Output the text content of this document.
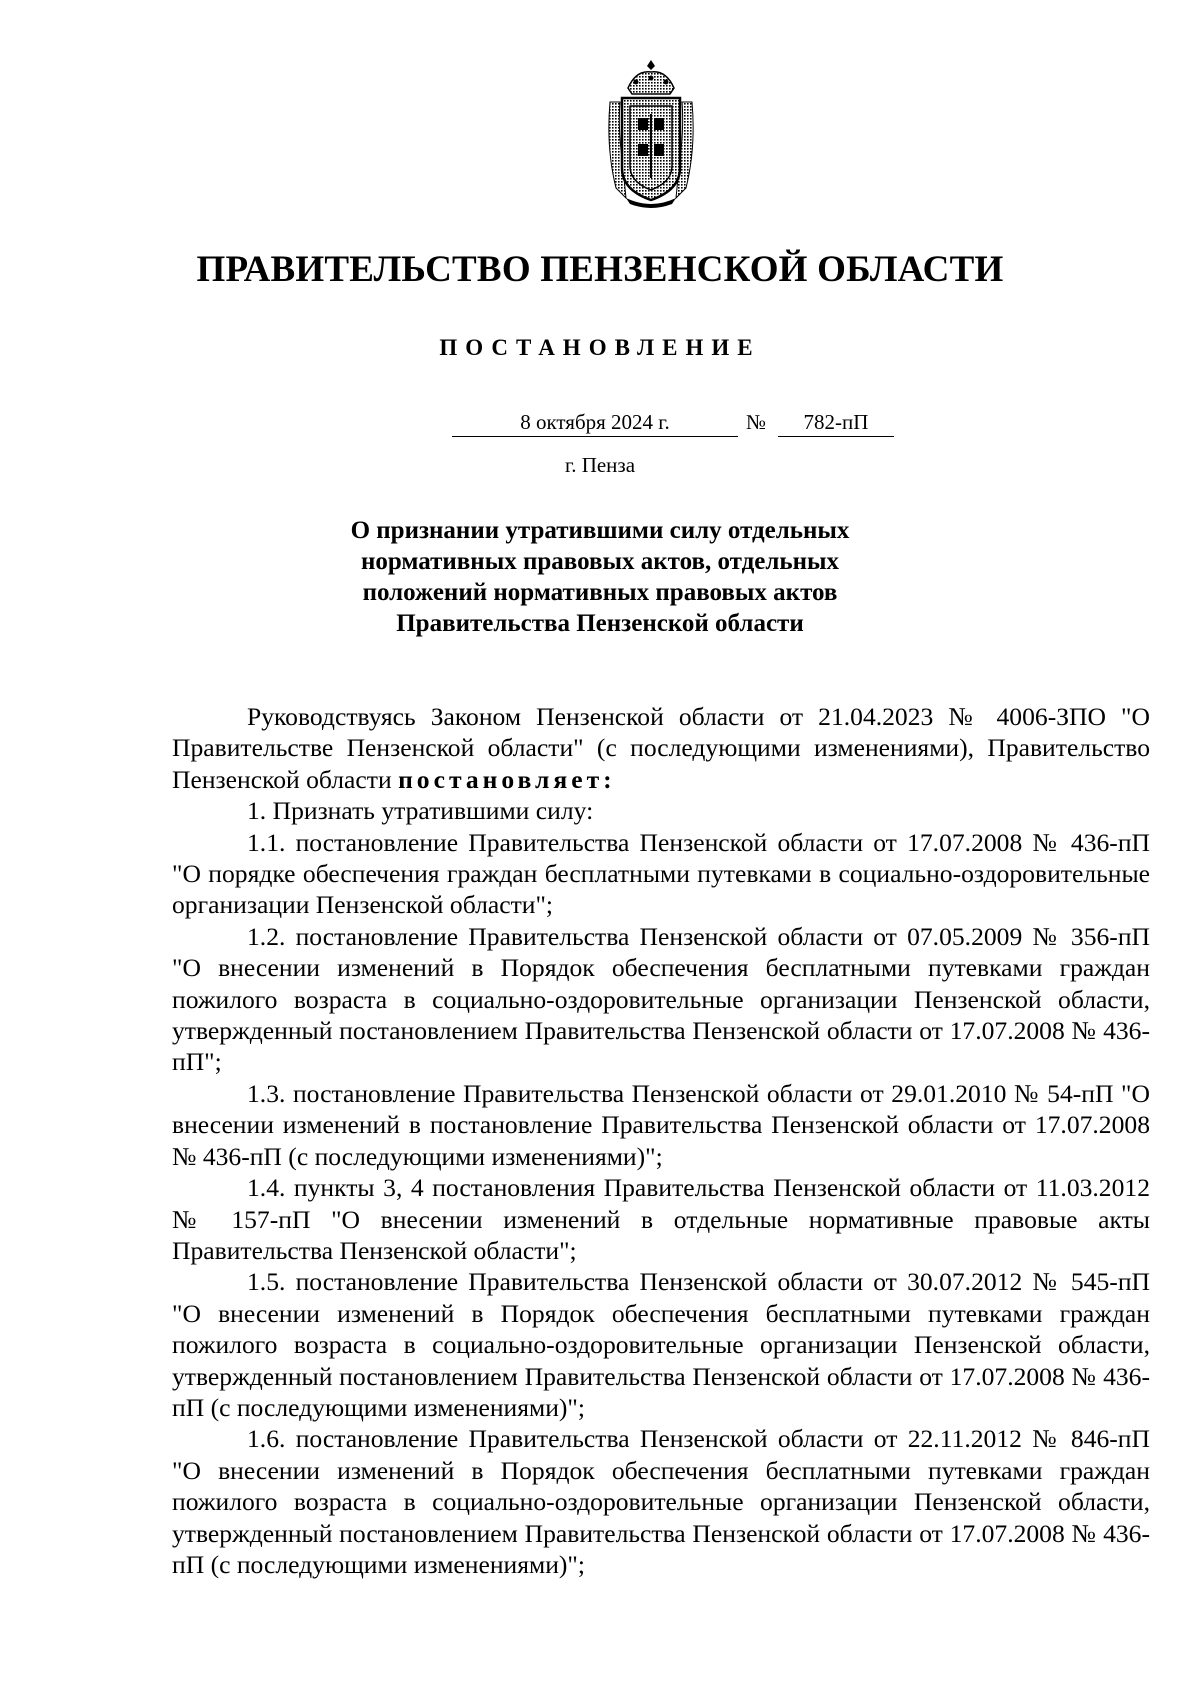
ПРАВИТЕЛЬСТВО ПЕНЗЕНСКОЙ ОБЛАСТИ
ПОСТАНОВЛЕНИЕ
8 октября 2024 г.	№	782-пП
г. Пенза
О признании утратившими силу отдельных
нормативных правовых актов, отдельных
положений нормативных правовых актов
Правительства Пензенской области

Руководствуясь Законом Пензенской области от 21.04.2023 № 4006-ЗПО "О Правительстве Пензенской области" (с последующими изменениями), Правительство Пензенской области постановляет:

1. Признать утратившими силу:

1.1. постановление Правительства Пензенской области от 17.07.2008 № 436-пП "О порядке обеспечения граждан бесплатными путевками в социально-оздоровительные организации Пензенской области";

1.2. постановление Правительства Пензенской области от 07.05.2009 № 356-пП "О внесении изменений в Порядок обеспечения бесплатными путевками граждан пожилого возраста в социально-оздоровительные организации Пензенской области, утвержденный постановлением Правительства Пензенской области от 17.07.2008 № 436-пП";

1.3. постановление Правительства Пензенской области от 29.01.2010 № 54-пП "О внесении изменений в постановление Правительства Пензенской области от 17.07.2008 № 436-пП (с последующими изменениями)";

1.4. пункты 3, 4 постановления Правительства Пензенской области от 11.03.2012 № 157-пП "О внесении изменений в отдельные нормативные правовые акты Правительства Пензенской области";

1.5. постановление Правительства Пензенской области от 30.07.2012 № 545-пП "О внесении изменений в Порядок обеспечения бесплатными путевками граждан пожилого возраста в социально-оздоровительные организации Пензенской области, утвержденный постановлением Правительства Пензенской области от 17.07.2008 № 436-пП (с последующими изменениями)";

1.6. постановление Правительства Пензенской области от 22.11.2012 № 846-пП "О внесении изменений в Порядок обеспечения бесплатными путевками граждан пожилого возраста в социально-оздоровительные организации Пензенской области, утвержденный постановлением Правительства Пензенской области от 17.07.2008 № 436-пП (с последующими изменениями)";
